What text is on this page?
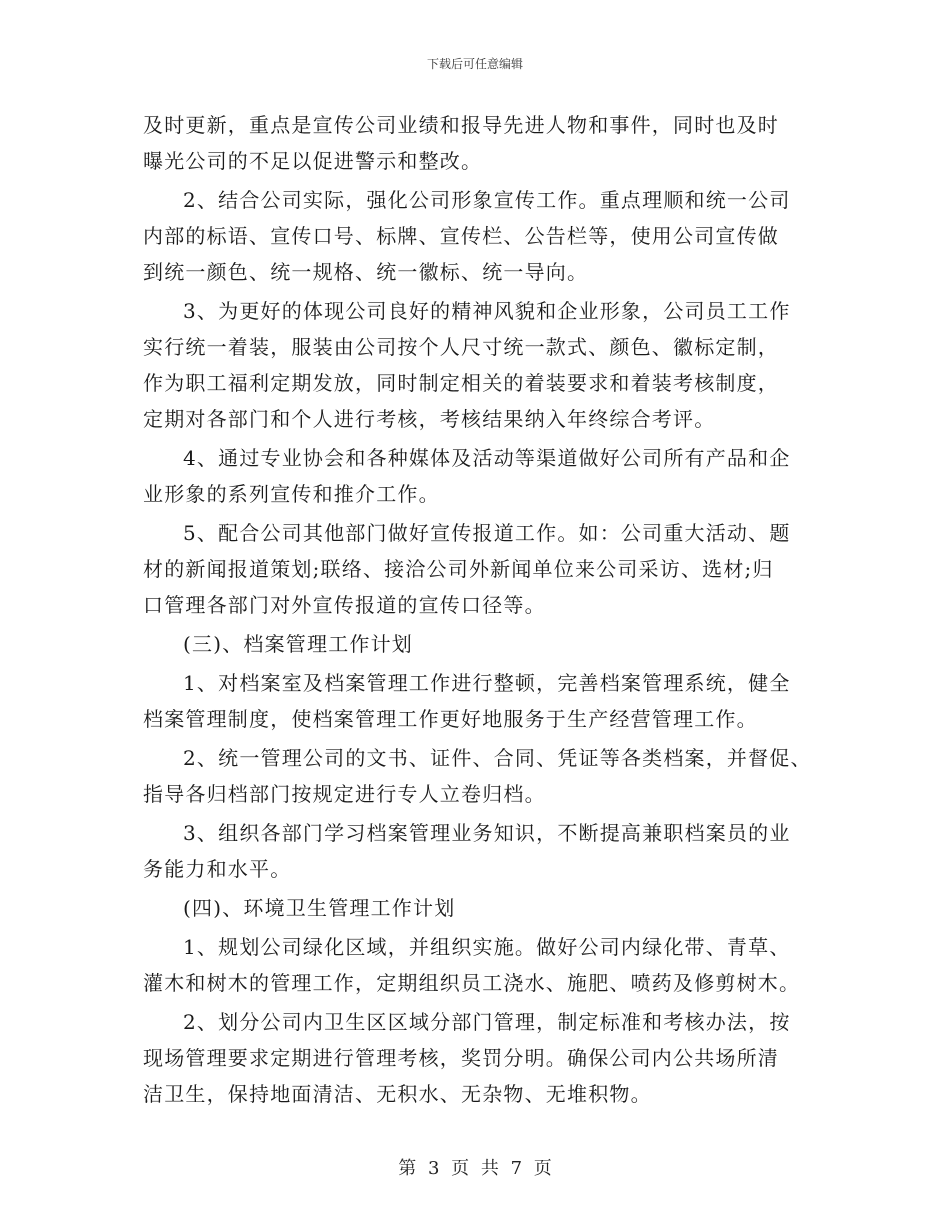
下载后可任意编辑
及时更新，重点是宣传公司业绩和报导先进人物和事件，同时也及时
曝光公司的不足以促进警示和整改。
2、结合公司实际，强化公司形象宣传工作。重点理顺和统一公司
内部的标语、宣传口号、标牌、宣传栏、公告栏等，使用公司宣传做
到统一颜色、统一规格、统一徽标、统一导向。
3、为更好的体现公司良好的精神风貌和企业形象，公司员工工作
实行统一着装，服装由公司按个人尺寸统一款式、颜色、徽标定制，
作为职工福利定期发放，同时制定相关的着装要求和着装考核制度，
定期对各部门和个人进行考核，考核结果纳入年终综合考评。
4、通过专业协会和各种媒体及活动等渠道做好公司所有产品和企
业形象的系列宣传和推介工作。
5、配合公司其他部门做好宣传报道工作。如：公司重大活动、题
材的新闻报道策划;联络、接洽公司外新闻单位来公司采访、选材;归
口管理各部门对外宣传报道的宣传口径等。
(三)、档案管理工作计划
1、对档案室及档案管理工作进行整顿，完善档案管理系统，健全
档案管理制度，使档案管理工作更好地服务于生产经营管理工作。
2、统一管理公司的文书、证件、合同、凭证等各类档案，并督促、
指导各归档部门按规定进行专人立卷归档。
3、组织各部门学习档案管理业务知识，不断提高兼职档案员的业
务能力和水平。
(四)、环境卫生管理工作计划
1、规划公司绿化区域，并组织实施。做好公司内绿化带、青草、
灌木和树木的管理工作，定期组织员工浇水、施肥、喷药及修剪树木。
2、划分公司内卫生区区域分部门管理，制定标准和考核办法，按
现场管理要求定期进行管理考核，奖罚分明。确保公司内公共场所清
洁卫生，保持地面清洁、无积水、无杂物、无堆积物。
第 3 页 共 7 页
